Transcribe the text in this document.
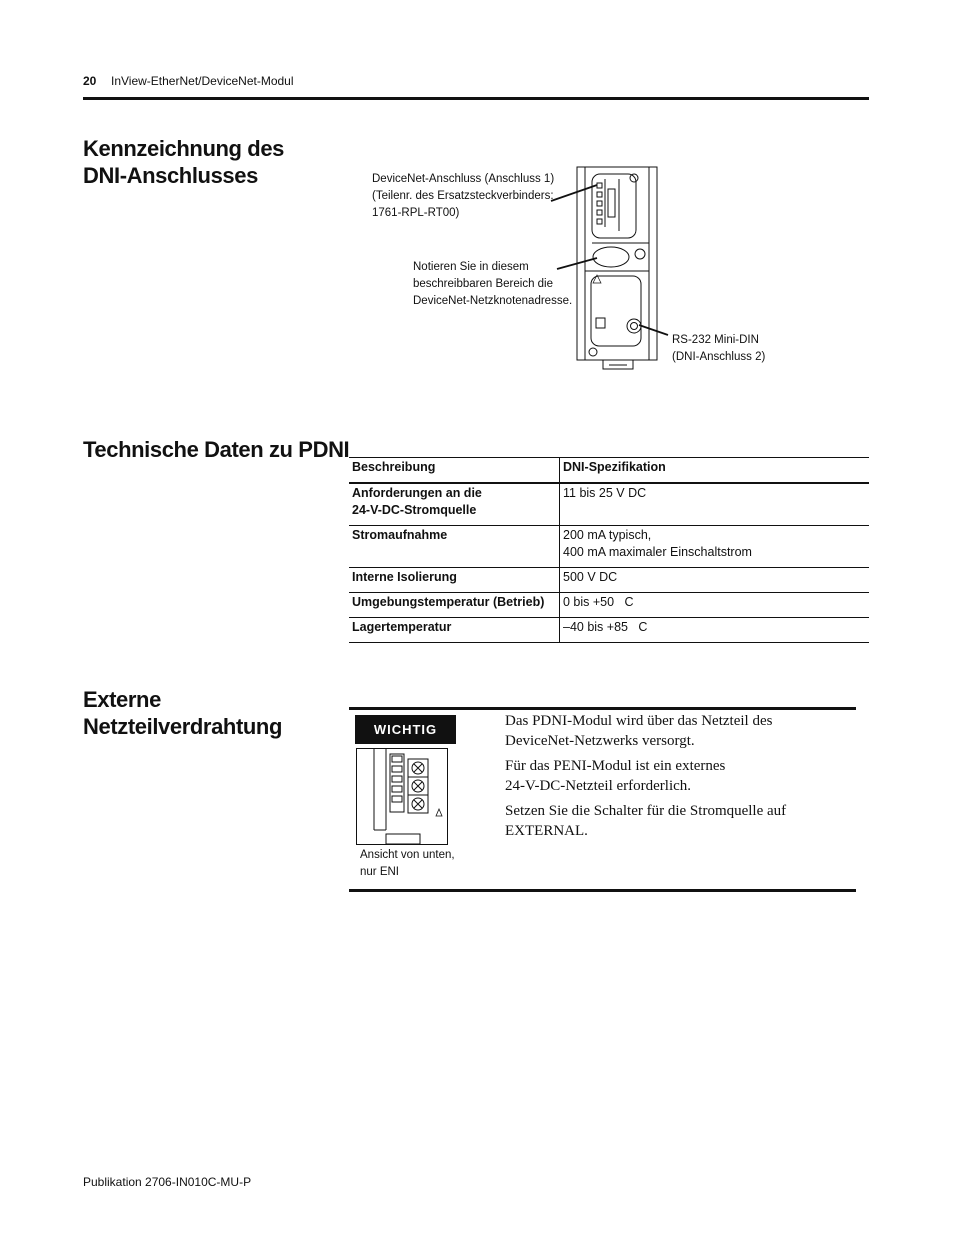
20 InView-EtherNet/DeviceNet-Modul
Kennzeichnung des
DNI-Anschlusses	DeviceNet-Anschluss (Anschluss 1)
(Teilenr. des Ersatzsteckverbinders:
1761-RPL-RT00)
Notieren Sie in diesem
beschreibbaren Bereich die
DeviceNet-Netzknotenadresse.
RS-232 Mini-DIN
(DNI-Anschluss 2)
Technische Daten zu PDNI
Beschreibung	DNI-Spezifikation

Anforderungen an die
24-V-DC-Stromquelle	11 bis 25 V DC

Stromaufnahme	200 mA typisch,
400 mA maximaler Einschaltstrom

Interne Isolierung	500 V DC

Umgebungstemperatur (Betrieb)	0 bis +50   C

Lagertemperatur	–40 bis +85   C
Externe
Netzteilverdrahtung	WICHTIG
Ansicht von unten,
nur ENI
Das PDNI-Modul wird über das Netzteil des
DeviceNet-Netzwerks versorgt.
Für das PENI-Modul ist ein externes
24-V-DC-Netzteil erforderlich.
Setzen Sie die Schalter für die Stromquelle auf
EXTERNAL.
Publikation 2706-IN010C-MU-P
